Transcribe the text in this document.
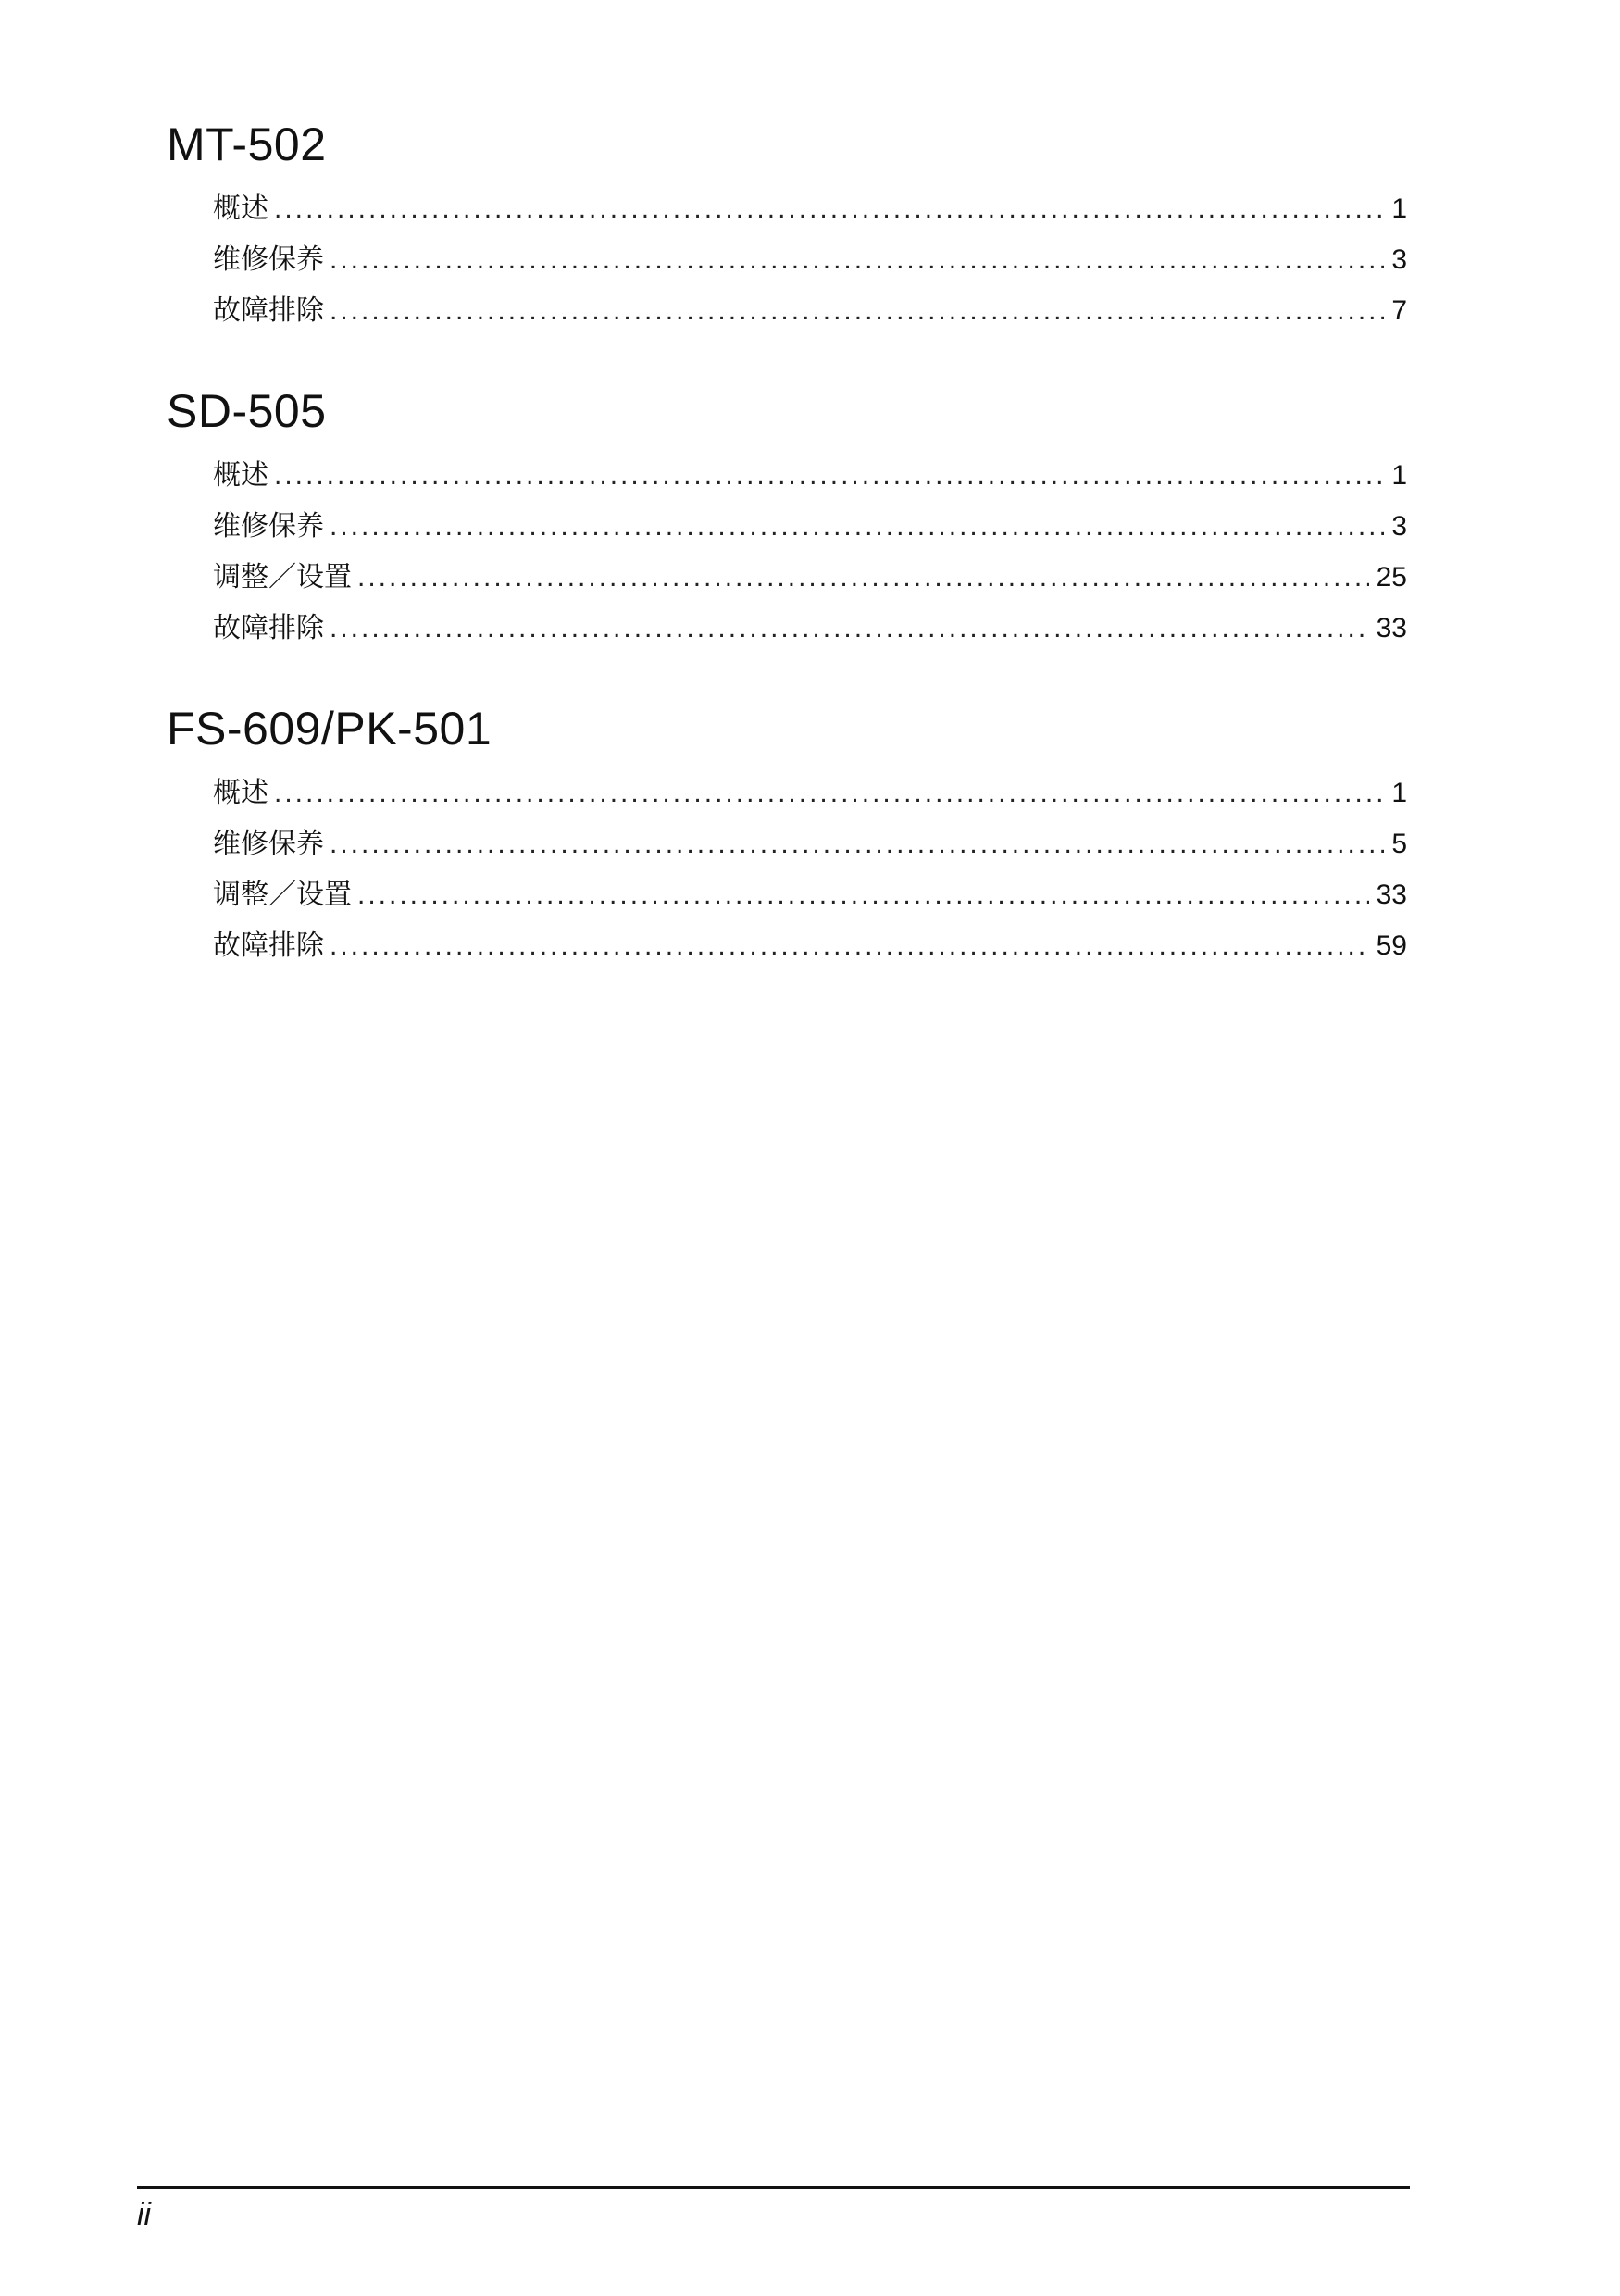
MT-502
概述 .....	1
维修保养 .....	3
故障排除 .....	7
SD-505
概述 .....	1
维修保养 .....	3
调整／设置 .....	25
故障排除 .....	33
FS-609/PK-501
概述 .....	1
维修保养 .....	5
调整／设置 .....	33
故障排除 .....	59
ii
